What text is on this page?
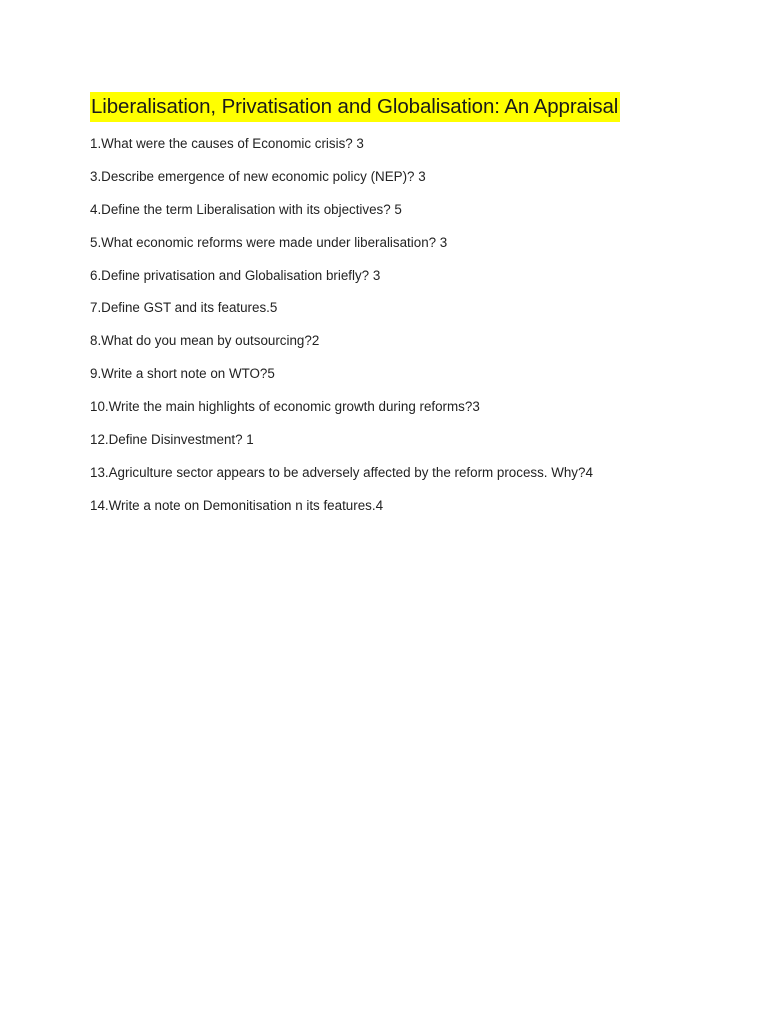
Liberalisation, Privatisation and Globalisation: An Appraisal
1.What were the causes of Economic crisis? 3
3.Describe emergence of new economic policy (NEP)? 3
4.Define the term Liberalisation with its objectives? 5
5.What economic reforms were made under liberalisation? 3
6.Define privatisation and Globalisation briefly? 3
7.Define GST and its features.5
8.What do you mean by outsourcing?2
9.Write a short note on WTO?5
10.Write the main highlights of economic growth during reforms?3
12.Define Disinvestment? 1
13.Agriculture sector appears to be adversely affected by the reform process. Why?4
14.Write a note on Demonitisation n its features.4
